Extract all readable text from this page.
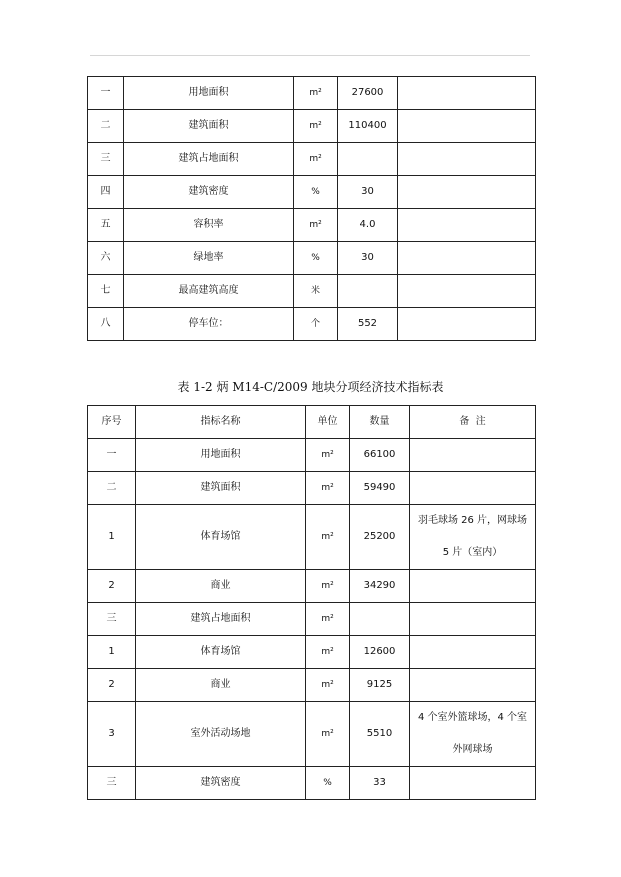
一	用地面积	m²	27600	
二	建筑面积	m²	110400	
三	建筑占地面积	m²		
四	建筑密度	%	30	
五	容积率	m²	4.0	
六	绿地率	%	30	
七	最高建筑高度	米		
八	停车位：	个	552	
表 1-2 炳 M14-C/2009 地块分项经济技术指标表
序号	指标名称	单位	数量	备  注
一	用地面积	m²	66100	
二	建筑面积	m²	59490	
1	体育场馆	m²	25200	羽毛球场 26 片，网球场
5 片（室内）

2	商业	m²	34290	
三	建筑占地面积	m²		
1	体育场馆	m²	12600	
2	商业	m²	9125	
3	室外活动场地	m²	5510	4 个室外篮球场，4 个室
外网球场

三	建筑密度	%	33	
